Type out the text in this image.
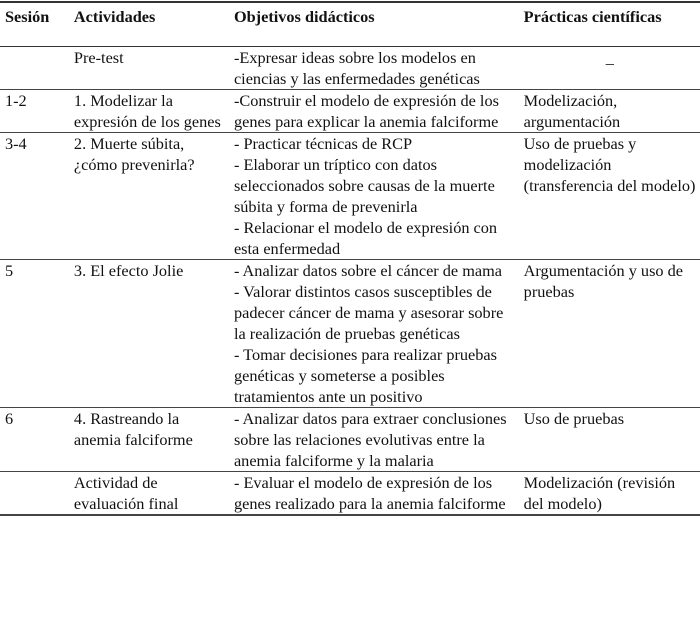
Sesión	Actividades	Objetivos didácticos	Prácticas científicas
	Pre-test	-Expresar ideas sobre los modelos en ciencias y las enfermedades genéticas	_
1-2	1. Modelizar la expresión de los genes	-Construir el modelo de expresión de los genes para explicar la anemia falciforme	Modelización, argumentación
3-4	2. Muerte súbita, ¿cómo prevenirla?	- Practicar técnicas de RCP
- Elaborar un tríptico con datos seleccionados sobre causas de la muerte súbita y forma de prevenirla
- Relacionar el modelo de expresión con esta enfermedad	Uso de pruebas y modelización (transferencia del modelo)
5	3. El efecto Jolie	- Analizar datos sobre el cáncer de mama
- Valorar distintos casos susceptibles de padecer cáncer de mama y asesorar sobre la realización de pruebas genéticas
- Tomar decisiones para realizar pruebas genéticas y someterse a posibles tratamientos ante un positivo	Argumentación y uso de pruebas
6	4. Rastreando la anemia falciforme	- Analizar datos para extraer conclusiones sobre las relaciones evolutivas entre la anemia falciforme y la malaria	Uso de pruebas
	Actividad de evaluación final	- Evaluar el modelo de expresión de los genes realizado para la anemia falciforme	Modelización (revisión del modelo)
